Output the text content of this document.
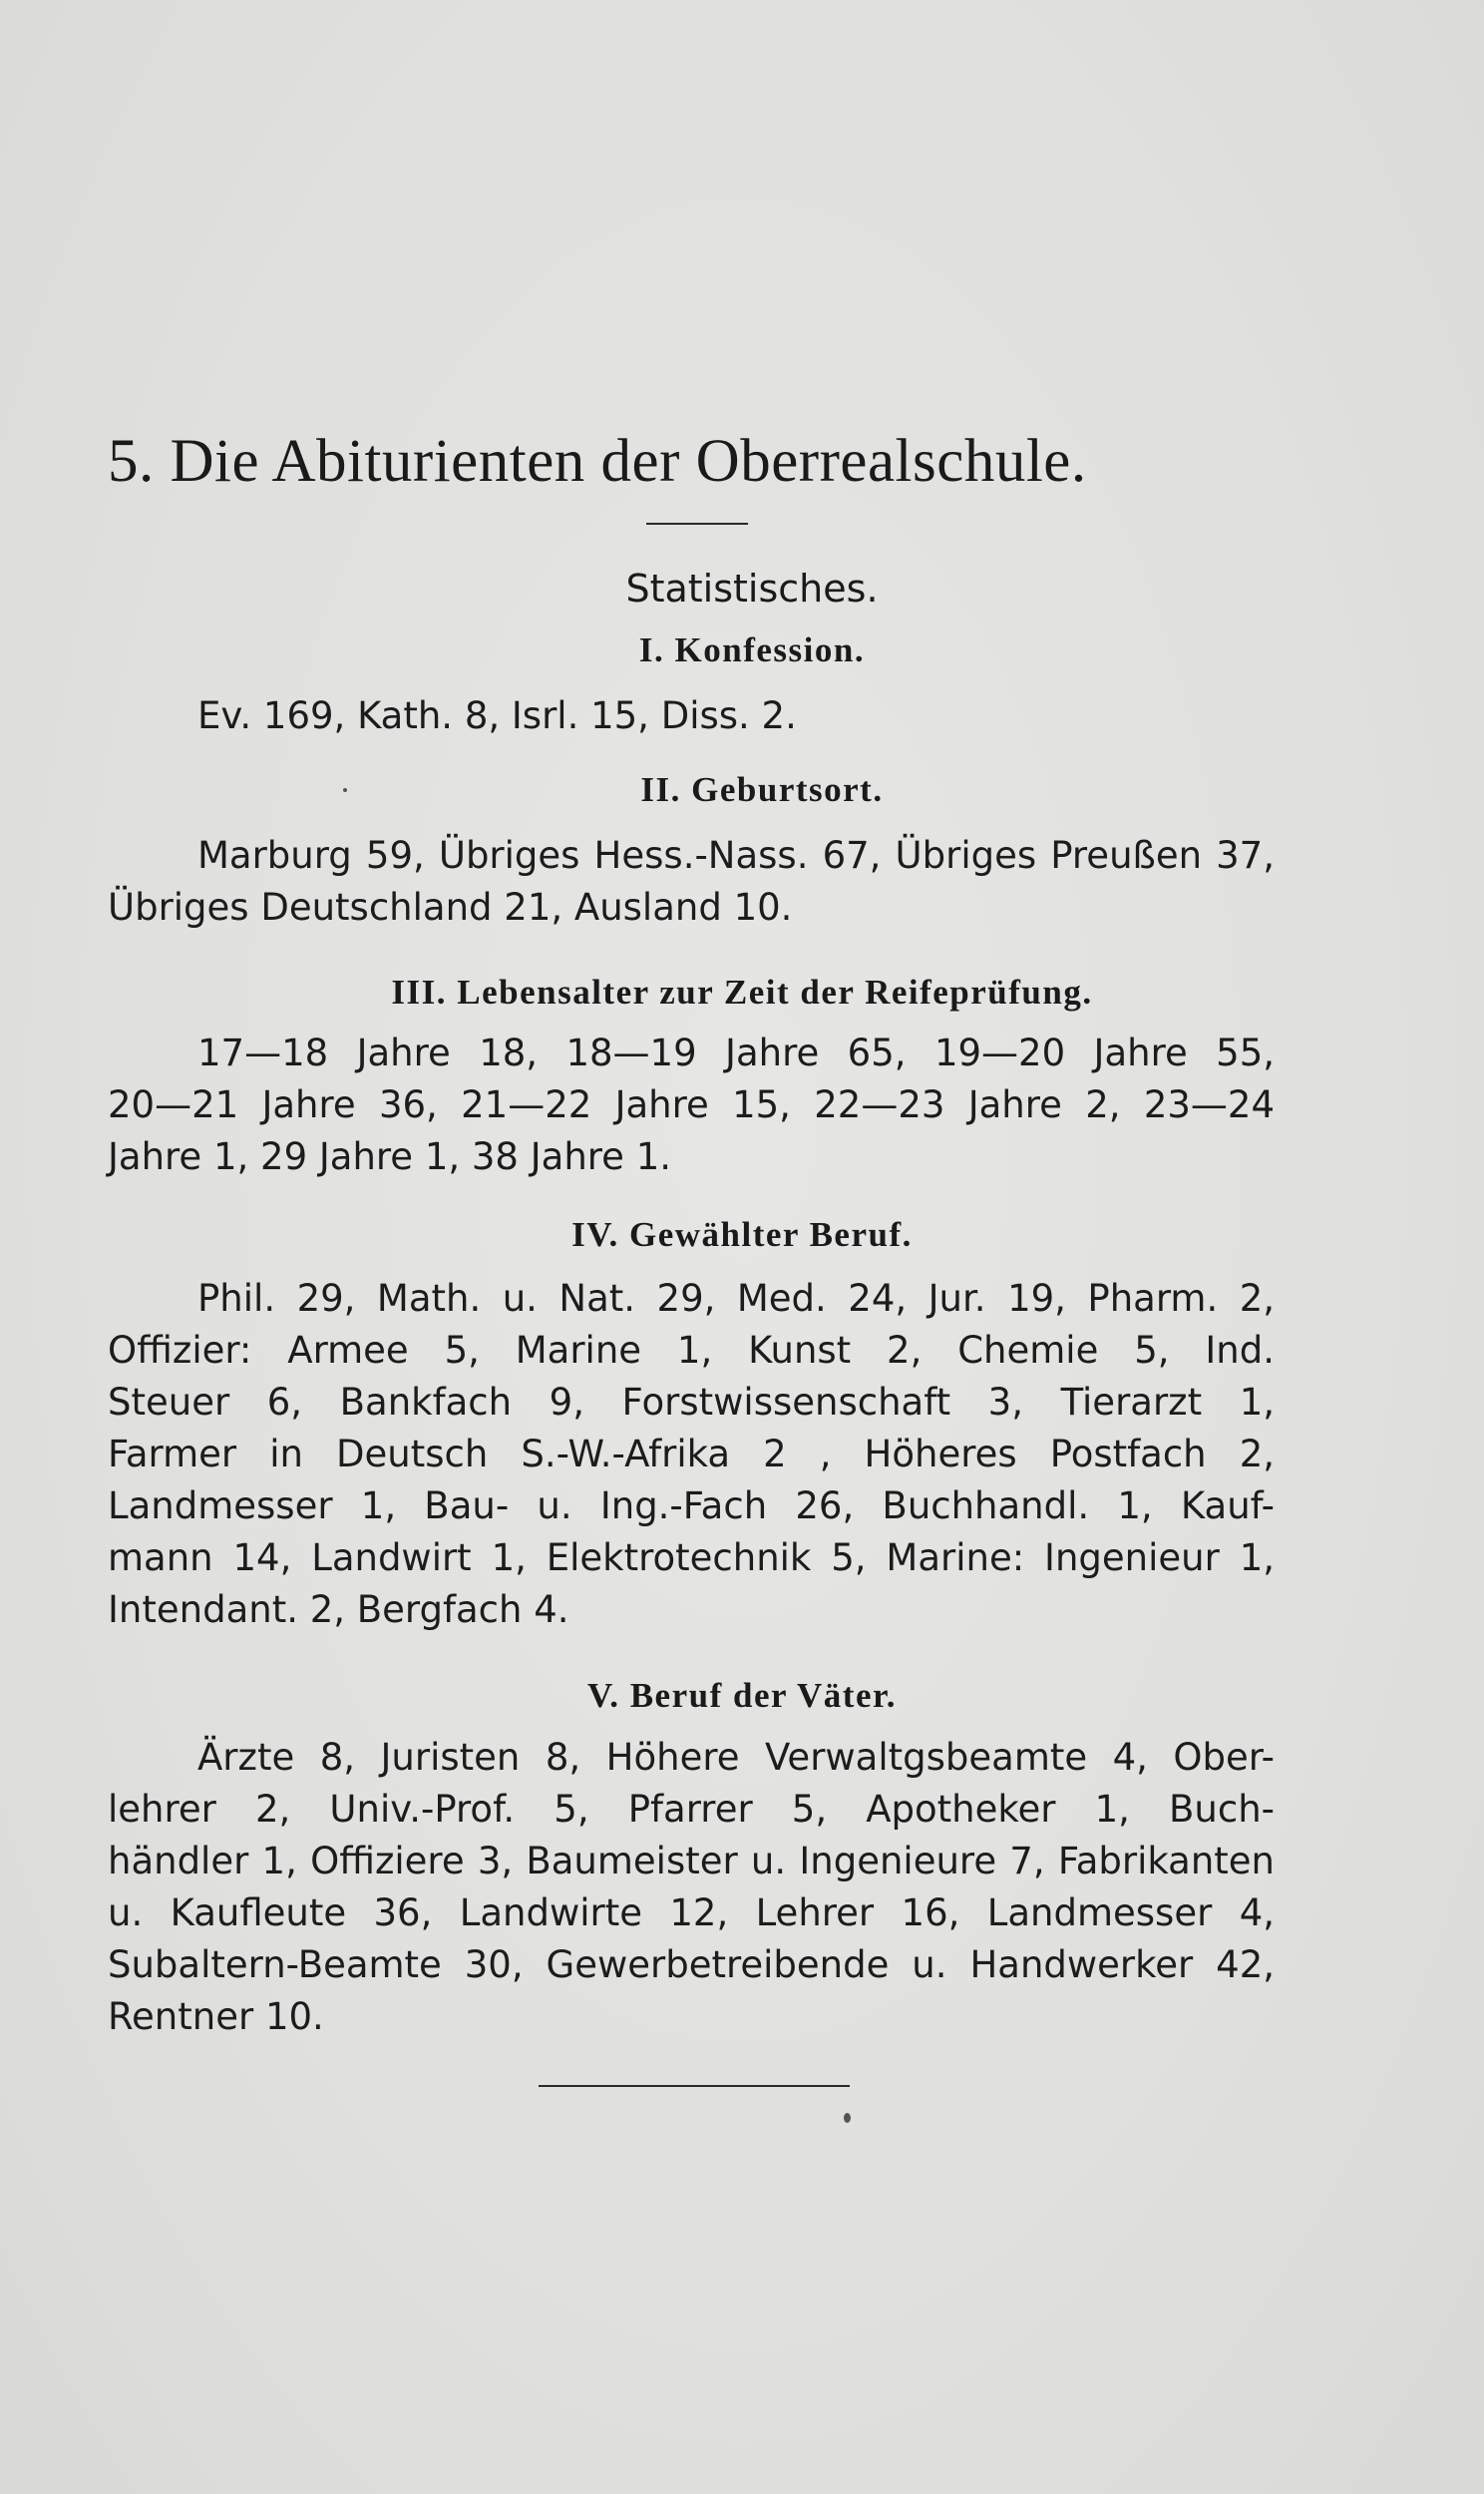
5. Die Abiturienten der Oberrealschule.
Statistisches.
I. Konfession.
Ev. 169, Kath. 8, Isrl. 15, Diss. 2.
II. Geburtsort.
Marburg 59, Übriges Hess.-Nass. 67, Übriges Preußen 37,
Übriges Deutschland 21, Ausland 10.
III. Lebensalter zur Zeit der Reifeprüfung.
17—18 Jahre 18, 18—19 Jahre 65, 19—20 Jahre 55,
20—21 Jahre 36, 21—22 Jahre 15, 22—23 Jahre 2, 23—24
Jahre 1, 29 Jahre 1, 38 Jahre 1.
IV. Gewählter Beruf.
Phil. 29, Math. u. Nat. 29, Med. 24, Jur. 19, Pharm. 2,
Offizier: Armee 5, Marine 1, Kunst 2, Chemie 5, Ind.
Steuer 6, Bankfach 9, Forstwissenschaft 3, Tierarzt 1,
Farmer in Deutsch S.-W.-Afrika 2 , Höheres Postfach 2,
Landmesser 1, Bau- u. Ing.-Fach 26, Buchhandl. 1, Kauf-
mann 14, Landwirt 1, Elektrotechnik 5, Marine: Ingenieur 1,
Intendant. 2, Bergfach 4.
V. Beruf der Väter.
Ärzte 8, Juristen 8, Höhere Verwaltgsbeamte 4, Ober-
lehrer 2, Univ.-Prof. 5, Pfarrer 5, Apotheker 1, Buch-
händler 1, Offiziere 3, Baumeister u. Ingenieure 7, Fabrikanten
u. Kaufleute 36, Landwirte 12, Lehrer 16, Landmesser 4,
Subaltern-Beamte 30, Gewerbetreibende u. Handwerker 42,
Rentner 10.
